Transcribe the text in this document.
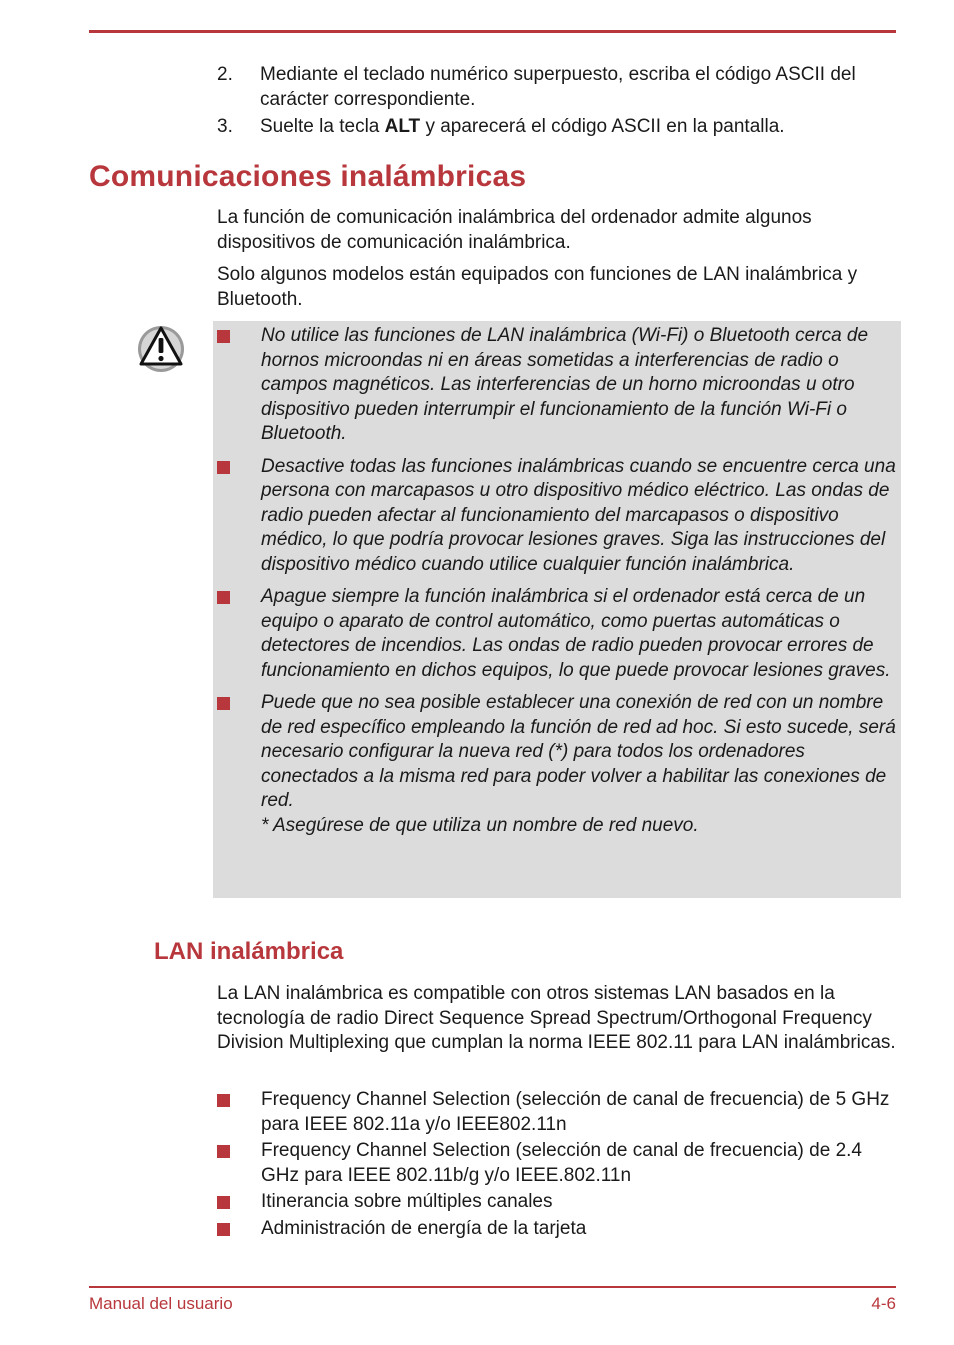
2.	Mediante el teclado numérico superpuesto, escriba el código ASCII del carácter correspondiente.
3.	Suelte la tecla ALT y aparecerá el código ASCII en la pantalla.
Comunicaciones inalámbricas

La función de comunicación inalámbrica del ordenador admite algunos dispositivos de comunicación inalámbrica.

Solo algunos modelos están equipados con funciones de LAN inalámbrica y Bluetooth.

No utilice las funciones de LAN inalámbrica (Wi-Fi) o Bluetooth cerca de hornos microondas ni en áreas sometidas a interferencias de radio o campos magnéticos. Las interferencias de un horno microondas u otro dispositivo pueden interrumpir el funcionamiento de la función Wi-Fi o Bluetooth.
Desactive todas las funciones inalámbricas cuando se encuentre cerca una persona con marcapasos u otro dispositivo médico eléctrico. Las ondas de radio pueden afectar al funcionamiento del marcapasos o dispositivo médico, lo que podría provocar lesiones graves. Siga las instrucciones del dispositivo médico cuando utilice cualquier función inalámbrica.
Apague siempre la función inalámbrica si el ordenador está cerca de un equipo o aparato de control automático, como puertas automáticas o detectores de incendios. Las ondas de radio pueden provocar errores de funcionamiento en dichos equipos, lo que puede provocar lesiones graves.
Puede que no sea posible establecer una conexión de red con un nombre de red específico empleando la función de red ad hoc. Si esto sucede, será necesario configurar la nueva red (*) para todos los ordenadores conectados a la misma red para poder volver a habilitar las conexiones de red.
* Asegúrese de que utiliza un nombre de red nuevo.
LAN inalámbrica

La LAN inalámbrica es compatible con otros sistemas LAN basados en la tecnología de radio Direct Sequence Spread Spectrum/Orthogonal Frequency Division Multiplexing que cumplan la norma IEEE 802.11 para LAN inalámbricas.

Frequency Channel Selection (selección de canal de frecuencia) de 5 GHz para IEEE 802.11a y/o IEEE802.11n
Frequency Channel Selection (selección de canal de frecuencia) de 2.4 GHz para IEEE 802.11b/g y/o IEEE.802.11n
Itinerancia sobre múltiples canales
Administración de energía de la tarjeta
Manual del usuario	4-6
